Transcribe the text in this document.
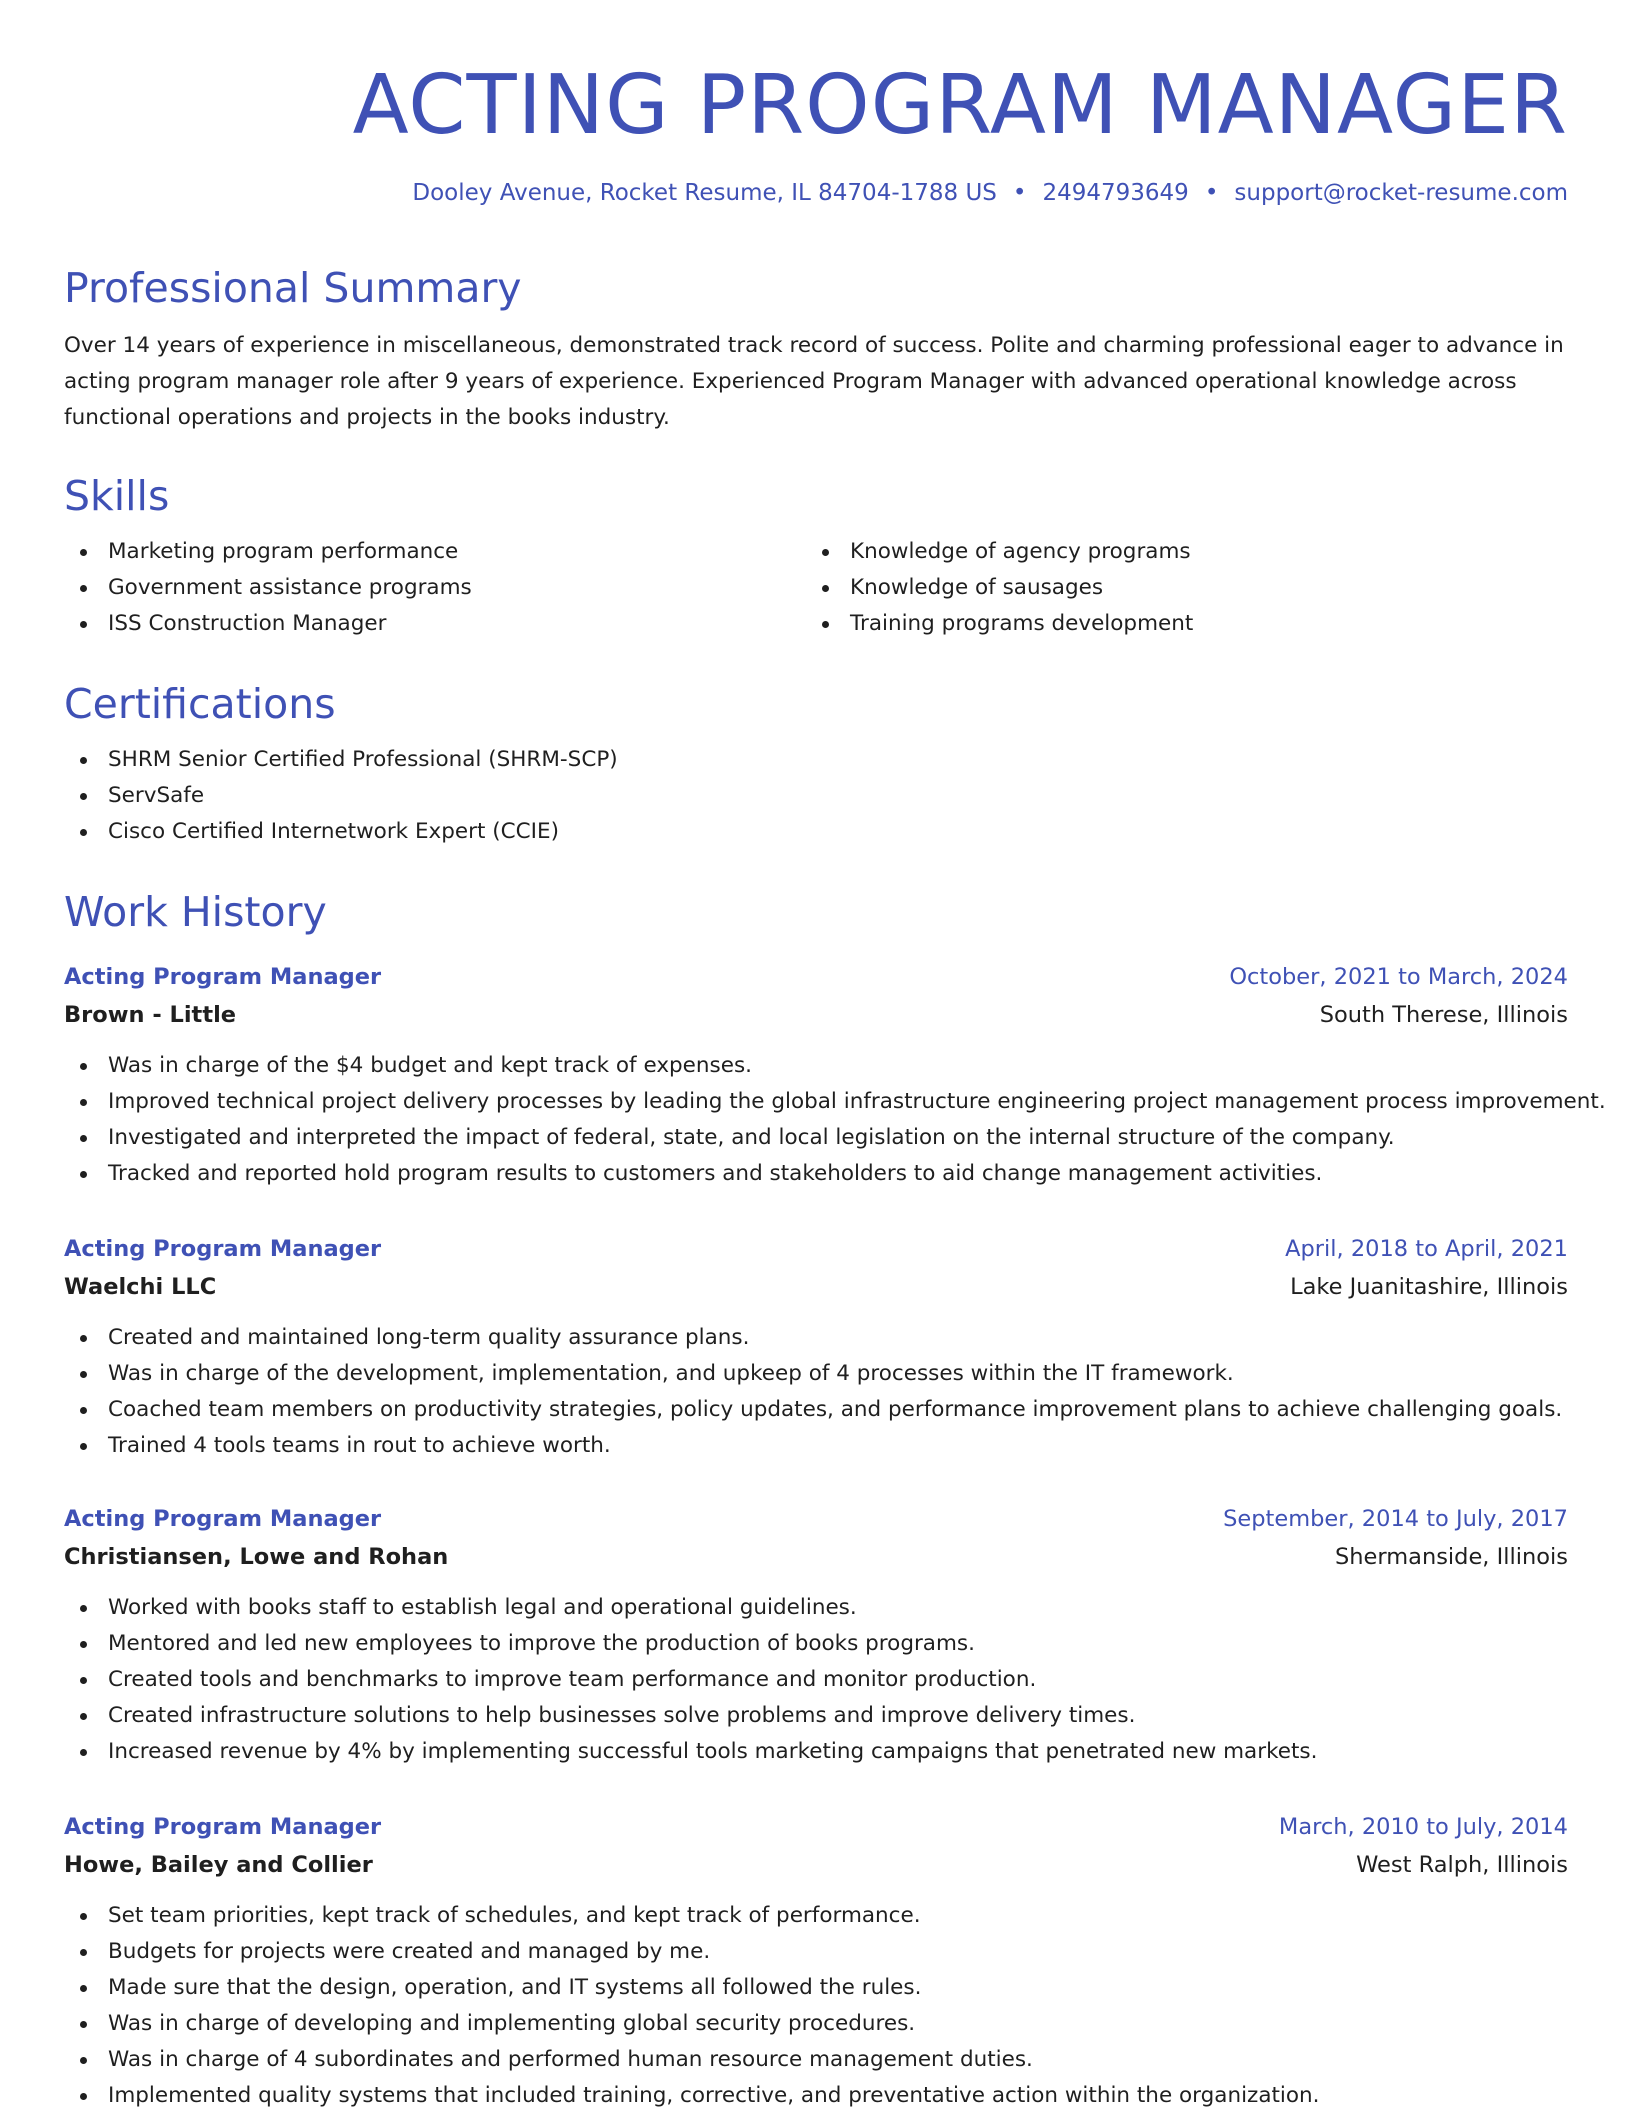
ACTING PROGRAM MANAGER
Dooley Avenue, Rocket Resume, IL 84704-1788 US • 2494793649 • support@rocket-resume.com
Professional Summary

Over 14 years of experience in miscellaneous, demonstrated track record of success. Polite and charming professional eager to advance in acting program manager role after 9 years of experience. Experienced Program Manager with advanced operational knowledge across functional operations and projects in the books industry.

Skills
Marketing program performance
Government assistance programs
ISS Construction Manager
Knowledge of agency programs
Knowledge of sausages
Training programs development
Certifications
SHRM Senior Certified Professional (SHRM-SCP)
ServSafe
Cisco Certified Internetwork Expert (CCIE)
Work History
Acting Program Manager	October, 2021 to March, 2024
Brown - Little	South Therese, Illinois
Was in charge of the $4 budget and kept track of expenses.
Improved technical project delivery processes by leading the global infrastructure engineering project management process improvement.
Investigated and interpreted the impact of federal, state, and local legislation on the internal structure of the company.
Tracked and reported hold program results to customers and stakeholders to aid change management activities.
Acting Program Manager	April, 2018 to April, 2021
Waelchi LLC	Lake Juanitashire, Illinois
Created and maintained long-term quality assurance plans.
Was in charge of the development, implementation, and upkeep of 4 processes within the IT framework.
Coached team members on productivity strategies, policy updates, and performance improvement plans to achieve challenging goals.
Trained 4 tools teams in rout to achieve worth.
Acting Program Manager	September, 2014 to July, 2017
Christiansen, Lowe and Rohan	Shermanside, Illinois
Worked with books staff to establish legal and operational guidelines.
Mentored and led new employees to improve the production of books programs.
Created tools and benchmarks to improve team performance and monitor production.
Created infrastructure solutions to help businesses solve problems and improve delivery times.
Increased revenue by 4% by implementing successful tools marketing campaigns that penetrated new markets.
Acting Program Manager	March, 2010 to July, 2014
Howe, Bailey and Collier	West Ralph, Illinois
Set team priorities, kept track of schedules, and kept track of performance.
Budgets for projects were created and managed by me.
Made sure that the design, operation, and IT systems all followed the rules.
Was in charge of developing and implementing global security procedures.
Was in charge of 4 subordinates and performed human resource management duties.
Implemented quality systems that included training, corrective, and preventative action within the organization.
